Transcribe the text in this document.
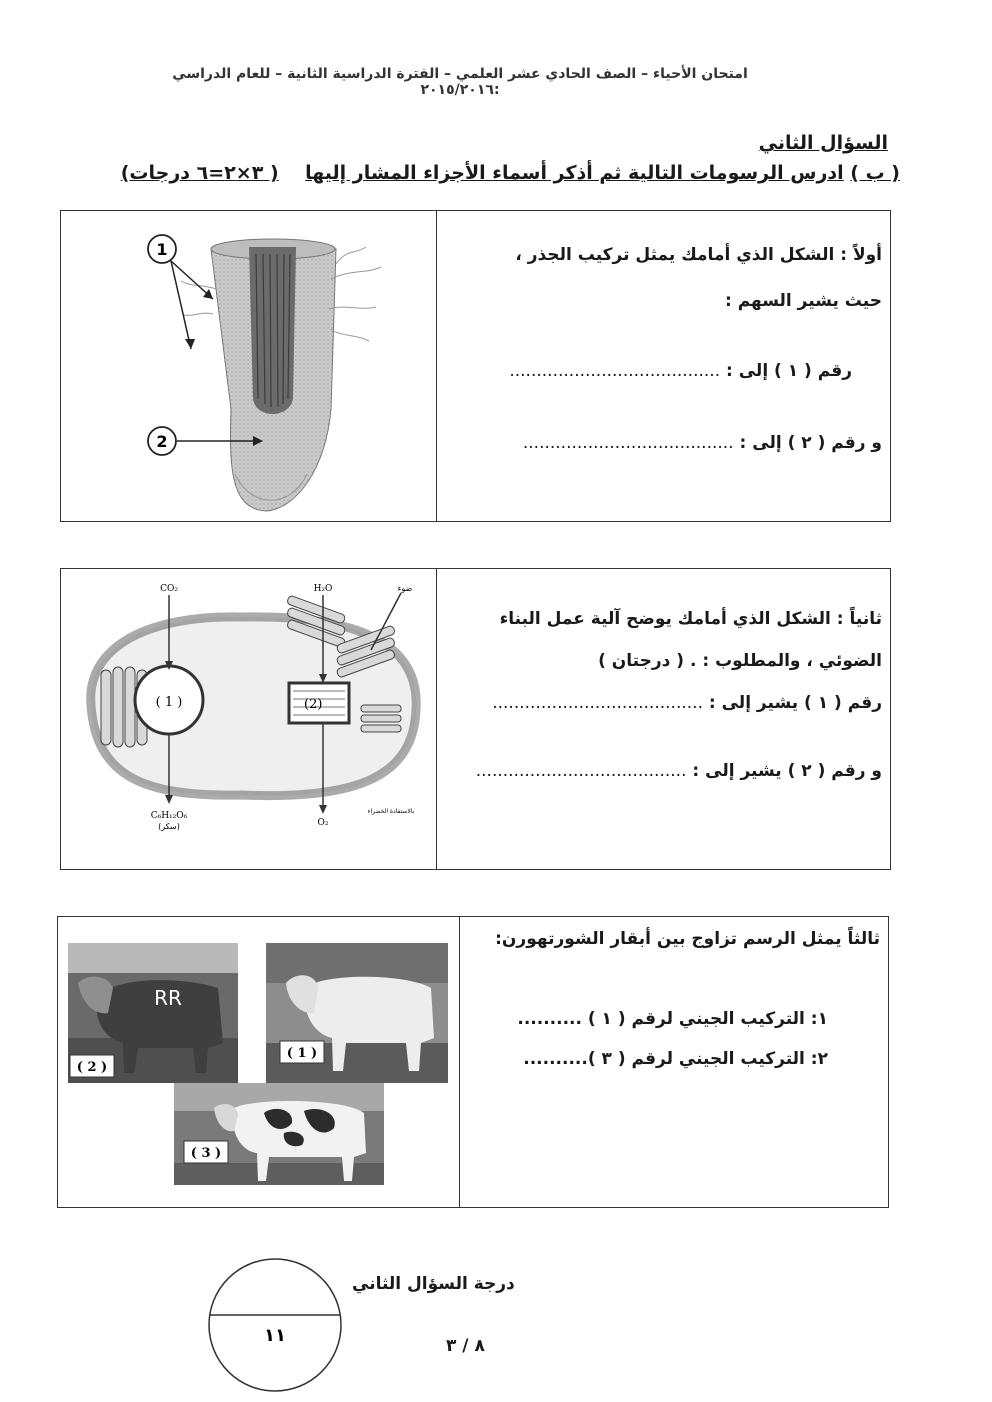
امتحان الأحياء – الصف الحادي عشر العلمي – الفترة الدراسية الثانية – للعام الدراسي :٢٠١٥/٢٠١٦
السؤال الثاني
( ب ) ادرس الرسومات التالية ثم أذكر أسماء الأجزاء المشار إليها    ( ٣×٢=٦ درجات)
أولاً : الشكل الذي أمامك يمثل تركيب الجذر ،
حيث يشير السهم :
رقم ( ١ ) إلى : .......................................
و رقم ( ٢ ) إلى : .......................................
1
2
ثانياً : الشكل الذي أمامك يوضح آلية عمل البناء
الضوئي ، والمطلوب : . ( درجتان )
رقم ( ١ ) يشير إلى : .......................................
و رقم ( ٢ ) يشير إلى : .......................................
( 1 )	(2)
CO₂	H₂O	ضوء
C₆H₁₂O₆
(سكر)	O₂
بالاستفادة الخضراء
ثالثاً يمثل الرسم تزاوج بين أبقار الشورتهورن:
١: التركيب الجيني لرقم ( ١ ) ..........
٢: التركيب الجيني لرقم ( ٣ )..........
RR
( 2 )
( 1 )
( 3 )
درجة السؤال الثاني
١١	٨ / ٣
